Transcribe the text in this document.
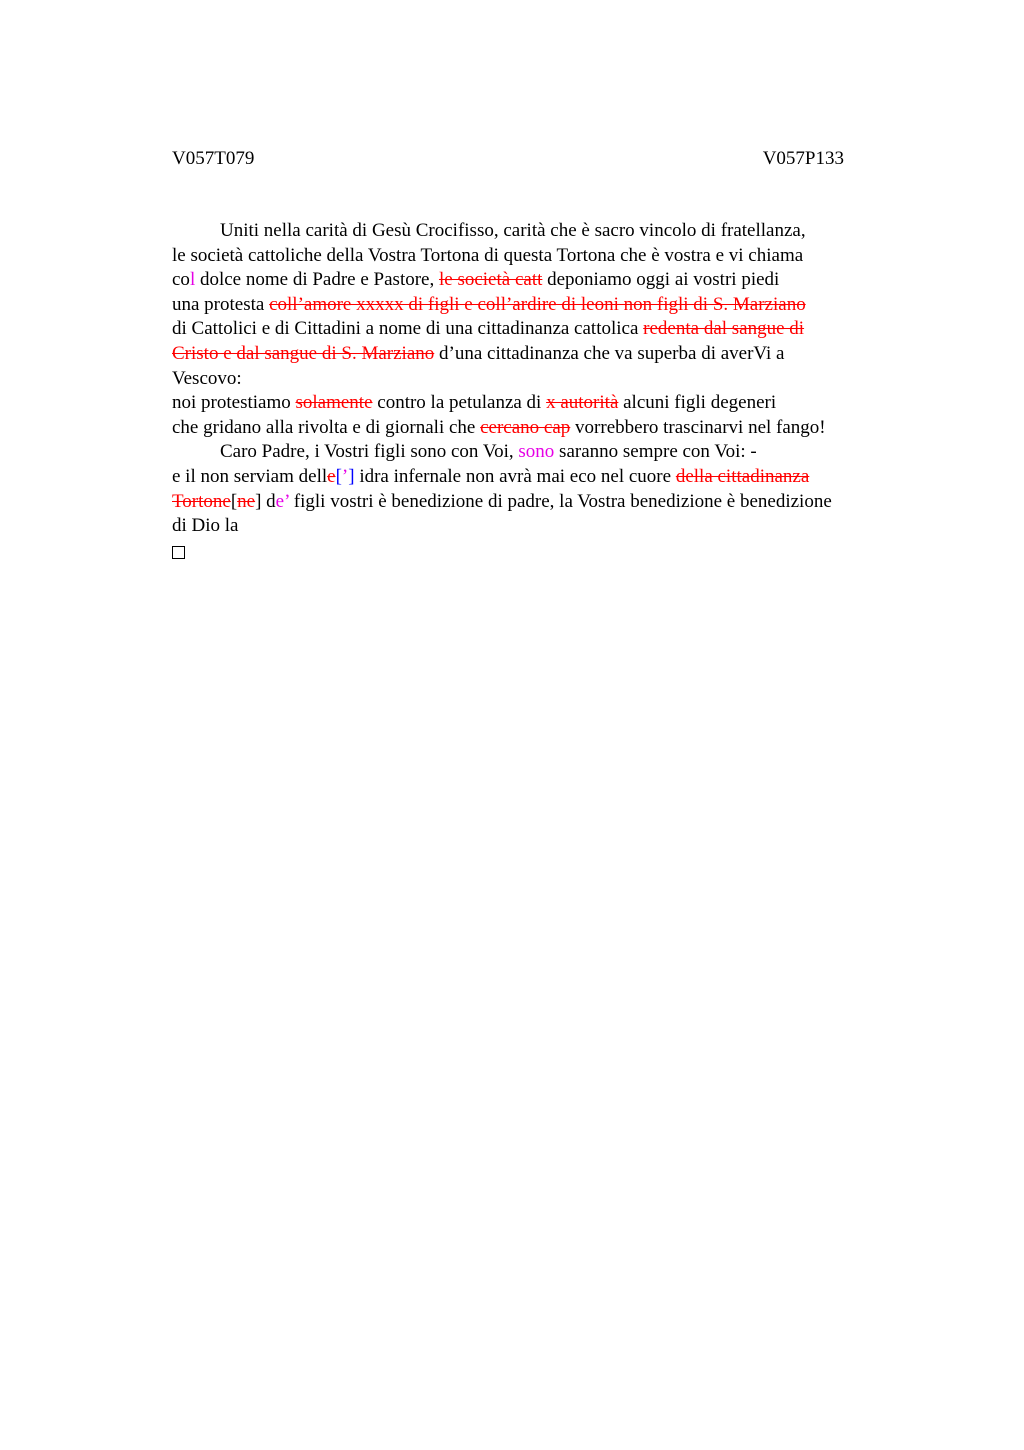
V057T079	V057P133
Uniti nella carità di Gesù Crocifisso, carità che è sacro vincolo di fratellanza,
le società cattoliche della Vostra Tortona di questa Tortona che è vostra e vi chiama
col dolce nome di Padre e Pastore, le società catt deponiamo oggi ai vostri piedi
una protesta coll’amore xxxxx di figli e coll’ardire di leoni non figli di S. Marziano
di Cattolici e di Cittadini a nome di una cittadinanza cattolica redenta dal sangue di
Cristo e dal sangue di S. Marziano d’una cittadinanza che va superba di averVi a
Vescovo:
noi protestiamo solamente contro la petulanza di x autorità alcuni figli degeneri
che gridano alla rivolta e di giornali che cercano cap vorrebbero trascinarvi nel fango!
Caro Padre, i Vostri figli sono con Voi, sono saranno sempre con Voi: -
e il non serviam delle[’] idra infernale non avrà mai eco nel cuore della cittadinanza
Tortone[ne] de’ figli vostri è benedizione di padre, la Vostra benedizione è benedizione
di Dio la
